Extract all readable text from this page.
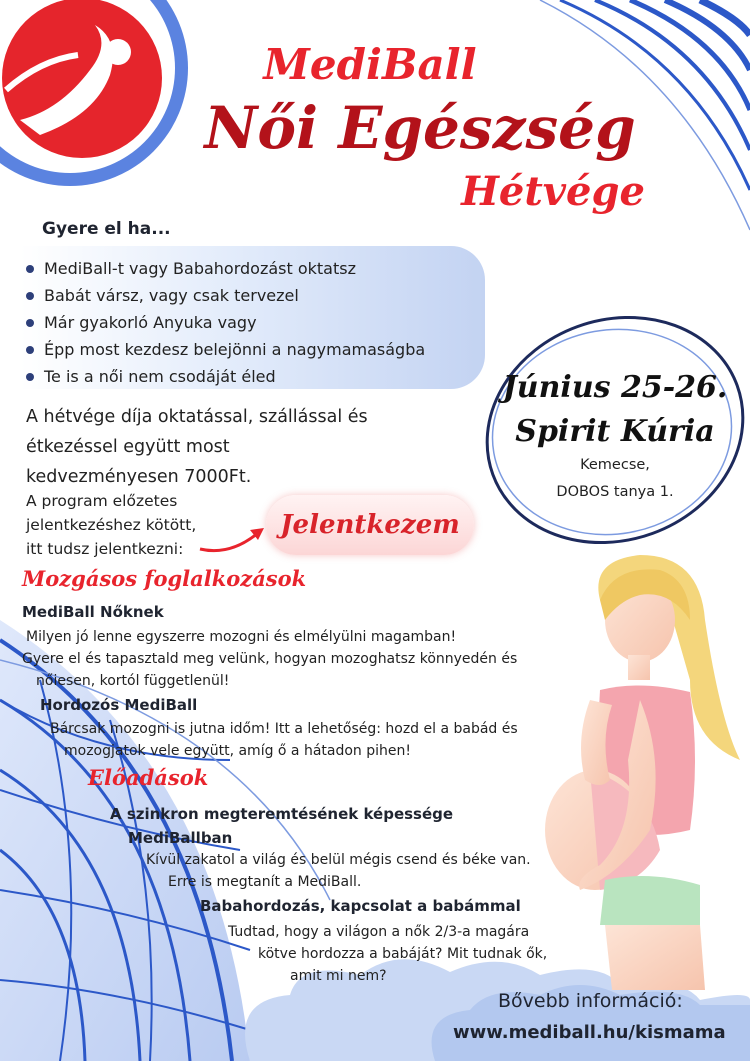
MediBall
Női Egészség
Hétvége
Gyere el ha...
MediBall-t vagy Babahordozást oktatsz
Babát vársz, vagy csak tervezel
Már gyakorló Anyuka vagy
Épp most kezdesz belejönni a nagymamaságba
Te is a női nem csodáját éled
A hétvége díja oktatással, szállással és
étkezéssel együtt most
kedvezményesen 7000Ft.
Június 25-26.
Spirit Kúria
Kemecse,
DOBOS tanya 1.
A program előzetes
jelentkezéshez kötött,
itt tudsz jelentkezni:
Jelentkezem
Mozgásos foglalkozások
MediBall Nőknek
Milyen jó lenne egyszerre mozogni és elmélyülni magamban!
Gyere el és tapasztald meg velünk, hogyan mozoghatsz könnyedén és
nőiesen, kortól függetlenül!
Hordozós MediBall
Bárcsak mozogni is jutna időm! Itt a lehetőség: hozd el a babád és
mozogjatok vele együtt, amíg ő a hátadon pihen!
Előadások
A szinkron megteremtésének képessége
MediBallban
Kívül zakatol a világ és belül mégis csend és béke van.
Erre is megtanít a MediBall.
Babahordozás, kapcsolat a babámmal
Tudtad, hogy a világon a nők 2/3-a magára
kötve hordozza a babáját? Mit tudnak ők,
amit mi nem?
Bővebb információ:
www.mediball.hu/kismama
